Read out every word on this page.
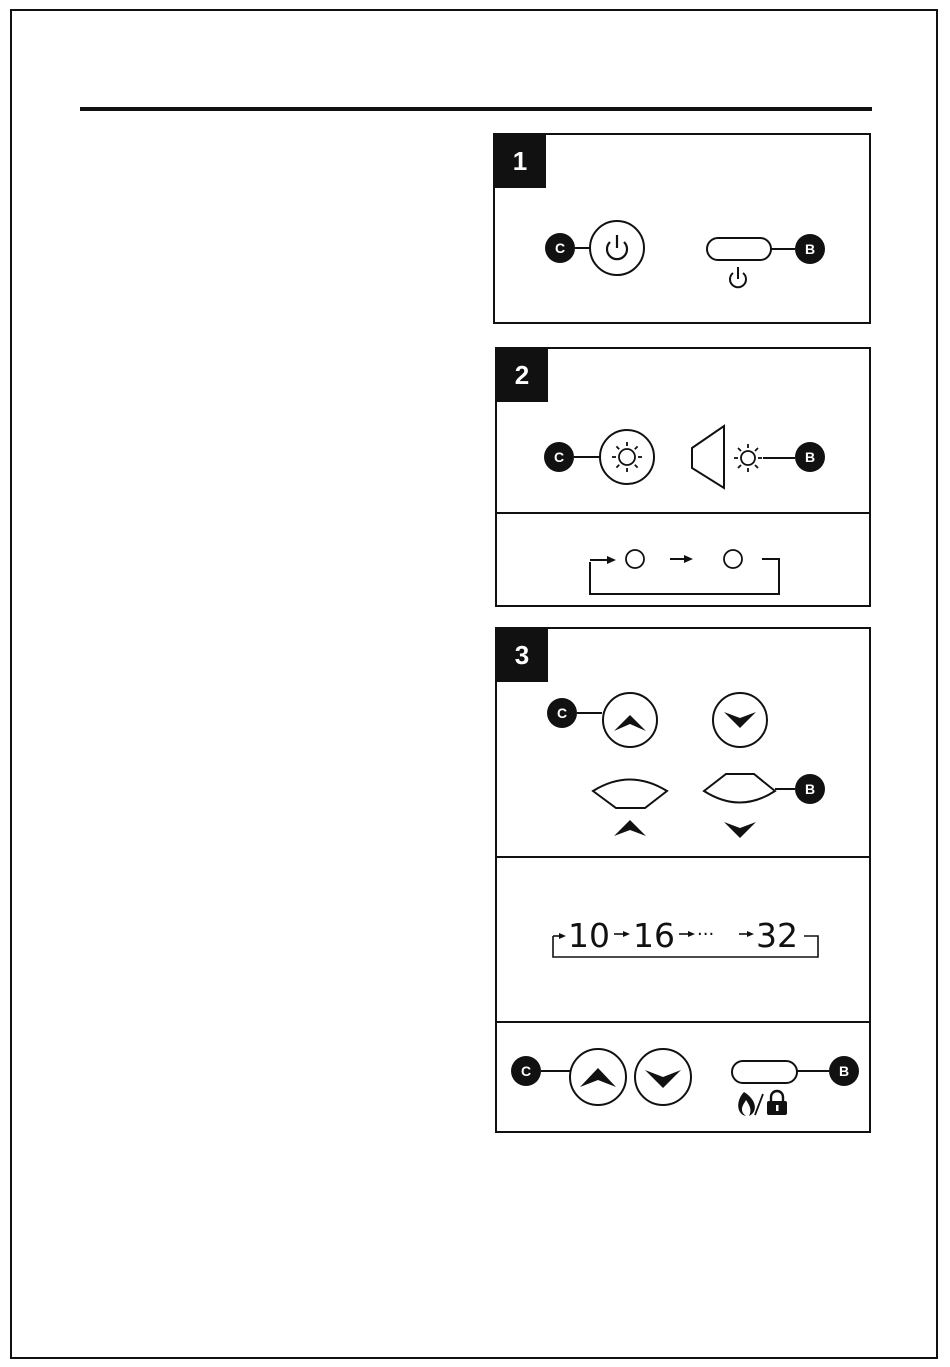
1
C	B
2
C	B
3
C
B
10 16 ··· 32
C	B
